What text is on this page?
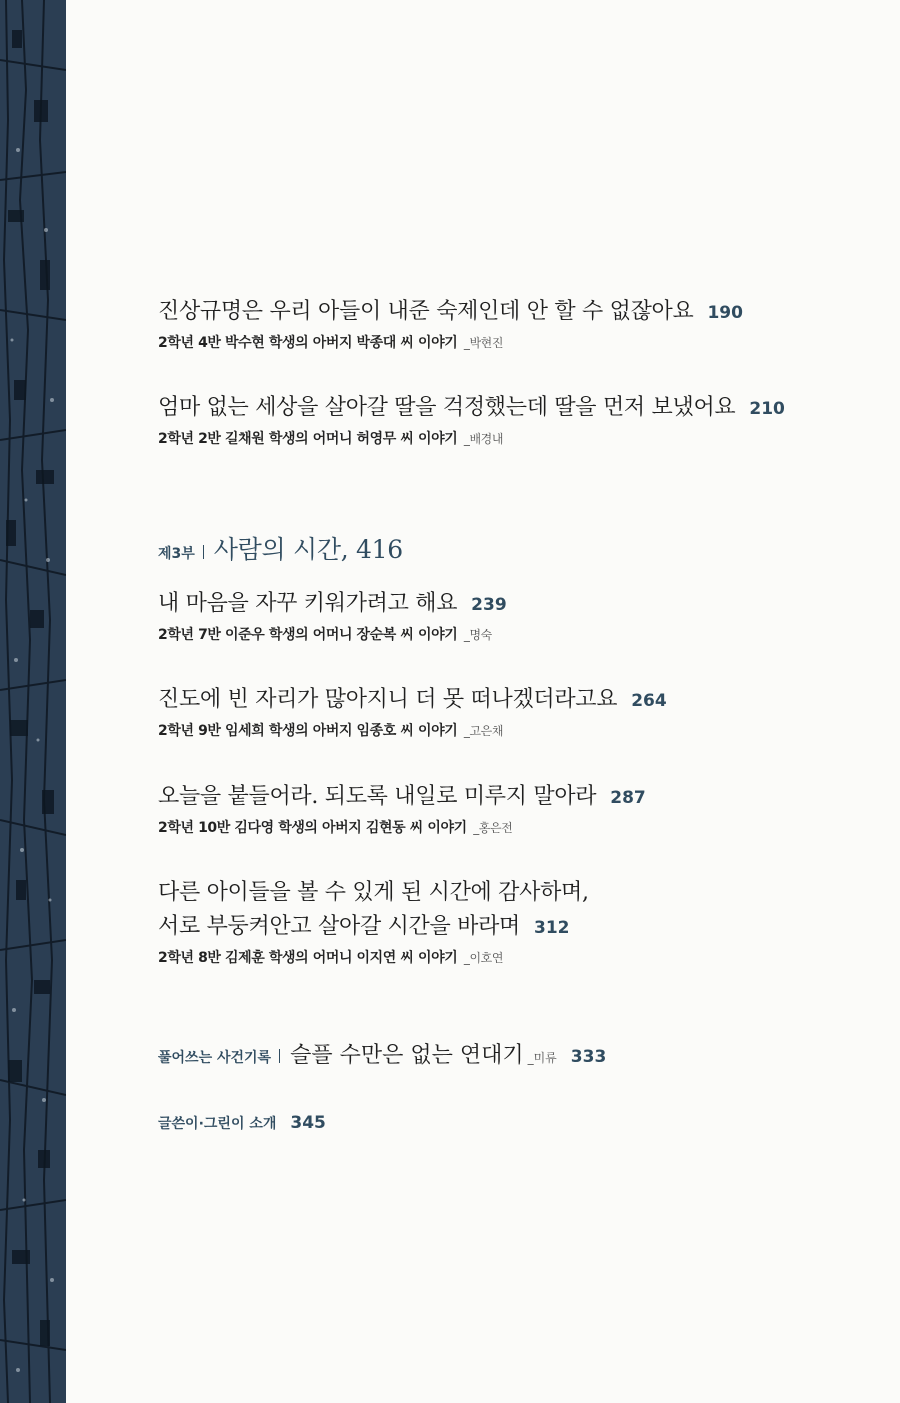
진상규명은 우리 아들이 내준 숙제인데 안 할 수 없잖아요 190
2학년 4반 박수현 학생의 아버지 박종대 씨 이야기 _박현진
엄마 없는 세상을 살아갈 딸을 걱정했는데 딸을 먼저 보냈어요 210
2학년 2반 길채원 학생의 어머니 허영무 씨 이야기 _배경내
제3부 사람의 시간, 416
내 마음을 자꾸 키워가려고 해요 239
2학년 7반 이준우 학생의 어머니 장순복 씨 이야기 _명숙
진도에 빈 자리가 많아지니 더 못 떠나겠더라고요 264
2학년 9반 임세희 학생의 아버지 임종호 씨 이야기 _고은채
오늘을 붙들어라. 되도록 내일로 미루지 말아라 287
2학년 10반 김다영 학생의 아버지 김현동 씨 이야기 _홍은전
다른 아이들을 볼 수 있게 된 시간에 감사하며,
서로 부둥켜안고 살아갈 시간을 바라며 312
2학년 8반 김제훈 학생의 어머니 이지연 씨 이야기 _이호연
풀어쓰는 사건기록 슬플 수만은 없는 연대기 _미류 333
글쓴이·그린이 소개 345
